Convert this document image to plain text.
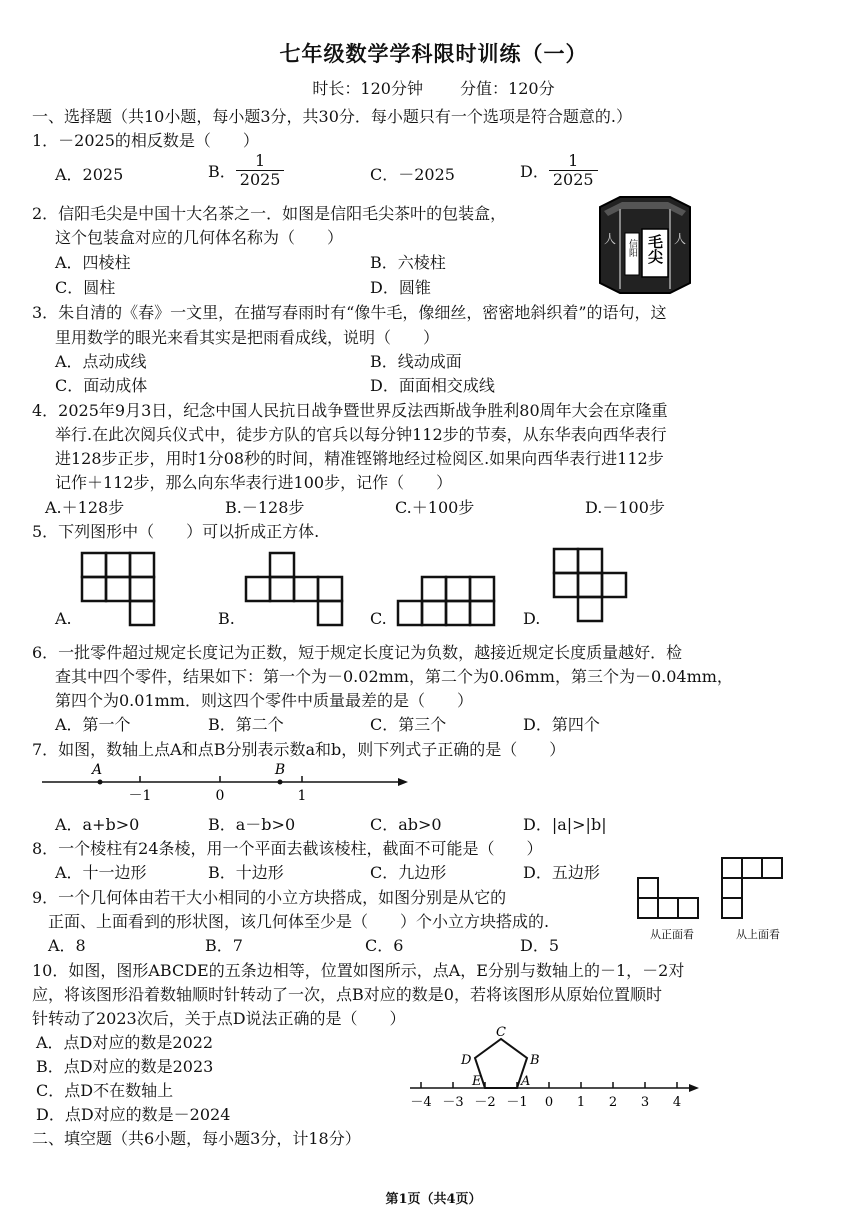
七年级数学学科限时训练（一）
时长：120分钟 分值：120分
一、选择题（共10小题，每小题3分，共30分．每小题只有一个选项是符合题意的.）
1．－2025的相反数是（　　）
A．2025	B． $\frac{1}{2025}$	C．－2025	D． $\frac{1}{2025}$
2．信阳毛尖是中国十大名茶之一．如图是信阳毛尖茶叶的包装盒，
这个包装盒对应的几何体名称为（　　）
A．四棱柱	B．六棱柱
C．圆柱	D．圆锥
毛尖
信阳
人	人
3．朱自清的《春》一文里，在描写春雨时有“像牛毛，像细丝，密密地斜织着”的语句，这
里用数学的眼光来看其实是把雨看成线，说明（　　）
A．点动成线	B．线动成面
C．面动成体	D．面面相交成线
4．2025年9月3日，纪念中国人民抗日战争暨世界反法西斯战争胜利80周年大会在京隆重
举行.在此次阅兵仪式中，徒步方队的官兵以每分钟112步的节奏，从东华表向西华表行
进128步正步，用时1分08秒的时间，精准铿锵地经过检阅区.如果向西华表行进112步
记作＋112步，那么向东华表行进100步，记作（　　）
A.＋128步	B.－128步	C.＋100步	D.－100步
5．下列图形中（　　）可以折成正方体.
A.	B.	C.	D.
6．一批零件超过规定长度记为正数，短于规定长度记为负数，越接近规定长度质量越好．检
查其中四个零件，结果如下：第一个为－0.02mm，第二个为0.06mm，第三个为－0.04mm，
第四个为0.01mm．则这四个零件中质量最差的是（　　）
A．第一个	B．第二个	C．第三个	D．第四个
7．如图，数轴上点A和点B分别表示数a和b，则下列式子正确的是（　　）
A	B
－1	0	1
A．a+b>0	B．a－b>0	C．ab>0	D．|a|>|b|
8．一个棱柱有24条棱，用一个平面去截该棱柱，截面不可能是（　　）
A．十一边形	B．十边形	C．九边形	D．五边形
9．一个几何体由若干大小相同的小立方块搭成，如图分别是从它的
正面、上面看到的形状图，该几何体至少是（　　）个小立方块搭成的.
A．8	B．7	C．6	D．5
从正面看	从上面看
10．如图，图形ABCDE的五条边相等，位置如图所示，点A，E分别与数轴上的－1，－2对
应，将该图形沿着数轴顺时针转动了一次，点B对应的数是0，若将该图形从原始位置顺时
针转动了2023次后，关于点D说法正确的是（　　）
A．点D对应的数是2022
B．点D对应的数是2023
C．点D不在数轴上
D．点D对应的数是－2024
A
B
C
D
E
－4 －3 －2 －1 0 1 2 3 4
二、填空题（共6小题，每小题3分，计18分）
第1页（共4页）
